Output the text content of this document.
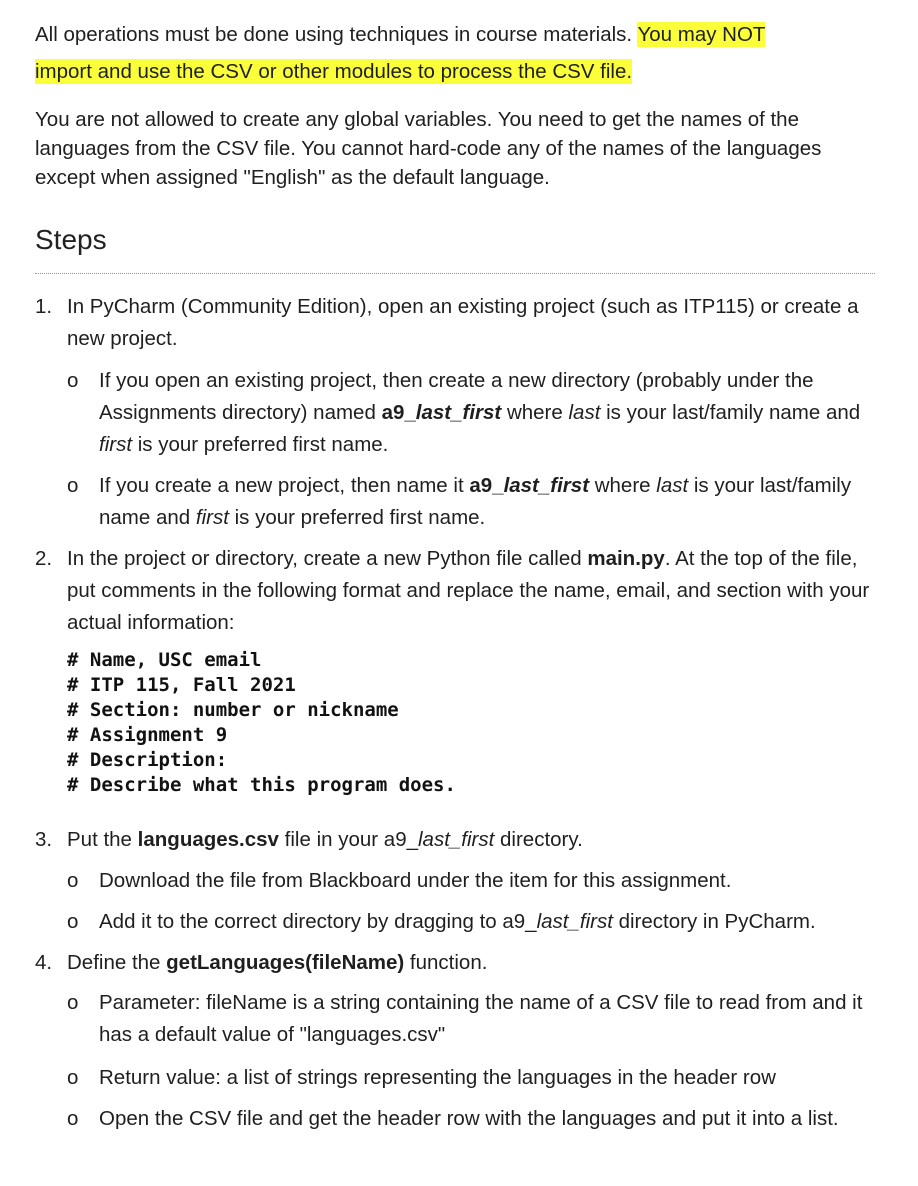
All operations must be done using techniques in course materials. You may NOT
import and use the CSV or other modules to process the CSV file.

You are not allowed to create any global variables. You need to get the names of the languages from the CSV file. You cannot hard-code any of the names of the languages except when assigned "English" as the default language.

Steps
1. In PyCharm (Community Edition), open an existing project (such as ITP115) or create a new project.
o If you open an existing project, then create a new directory (probably under the Assignments directory) named a9_last_first where last is your last/family name and first is your preferred first name.
o If you create a new project, then name it a9_last_first where last is your last/family name and first is your preferred first name.
2. In the project or directory, create a new Python file called main.py. At the top of the file, put comments in the following format and replace the name, email, and section with your actual information:
# Name, USC email
# ITP 115, Fall 2021
# Section: number or nickname
# Assignment 9
# Description:
# Describe what this program does.
3. Put the languages.csv file in your a9_last_first directory.
o Download the file from Blackboard under the item for this assignment.
o Add it to the correct directory by dragging to a9_last_first directory in PyCharm.
4. Define the getLanguages(fileName) function.
o Parameter: fileName is a string containing the name of a CSV file to read from and it has a default value of "languages.csv"
o Return value: a list of strings representing the languages in the header row
o Open the CSV file and get the header row with the languages and put it into a list.
